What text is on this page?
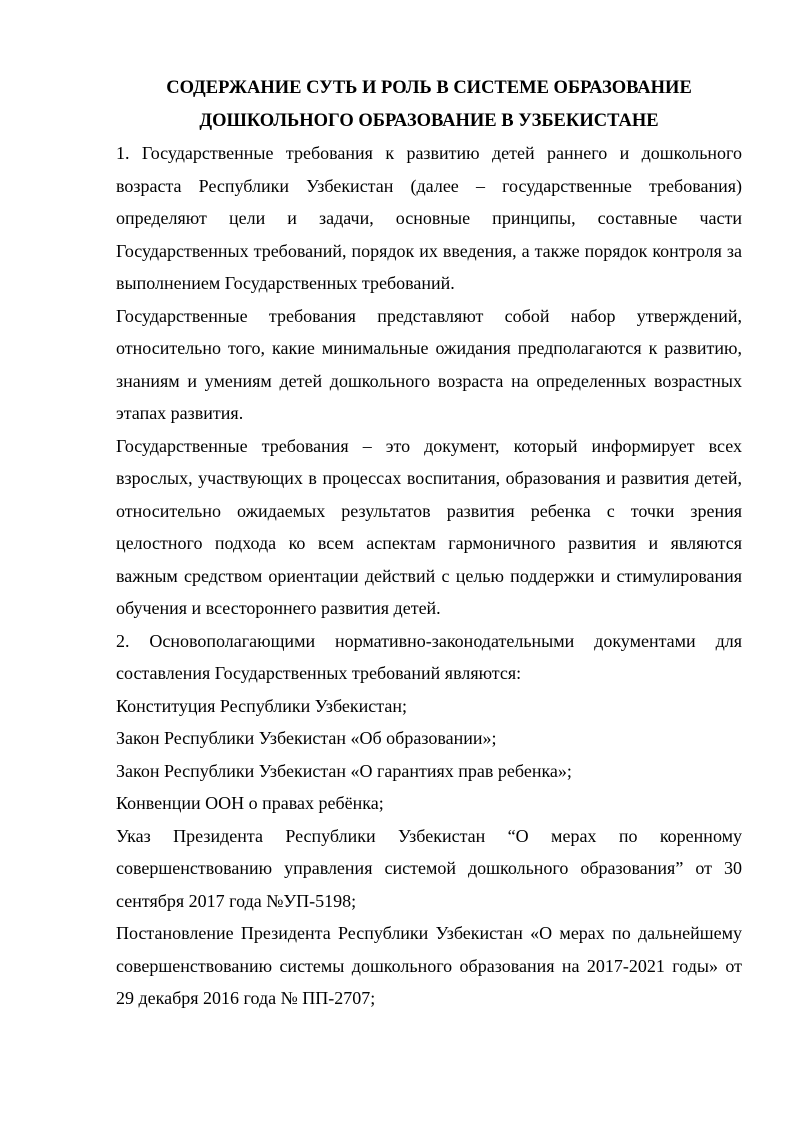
СОДЕРЖАНИЕ СУТЬ И РОЛЬ В СИСТЕМЕ ОБРАЗОВАНИЕ

ДОШКОЛЬНОГО ОБРАЗОВАНИЕ В УЗБЕКИСТАНЕ

1. Государственные требования к развитию детей раннего и дошкольного возраста Республики Узбекистан (далее – государственные требования) определяют цели и задачи, основные принципы, составные части Государственных требований, порядок их введения, а также порядок контроля за выполнением Государственных требований.

Государственные требования представляют собой набор утверждений, относительно того, какие минимальные ожидания предполагаются к развитию, знаниям и умениям детей дошкольного возраста на определенных возрастных этапах развития.

Государственные требования – это документ, который информирует всех взрослых, участвующих в процессах воспитания, образования и развития детей, относительно ожидаемых результатов развития ребенка с точки зрения целостного подхода ко всем аспектам гармоничного развития и являются важным средством ориентации действий с целью поддержки и стимулирования обучения и всестороннего развития детей.

2. Основополагающими нормативно-законодательными документами для составления Государственных требований являются:

Конституция Республики Узбекистан;

Закон Республики Узбекистан «Об образовании»;

Закон Республики Узбекистан «О гарантиях прав ребенка»;

Конвенции ООН о правах ребёнка;

Указ Президента Республики Узбекистан “О мерах по коренному совершенствованию управления системой дошкольного образования” от 30 сентября 2017 года №УП-5198;

Постановление Президента Республики Узбекистан «О мерах по дальнейшему совершенствованию системы дошкольного образования на 2017-2021 годы» от 29 декабря 2016 года № ПП-2707;
